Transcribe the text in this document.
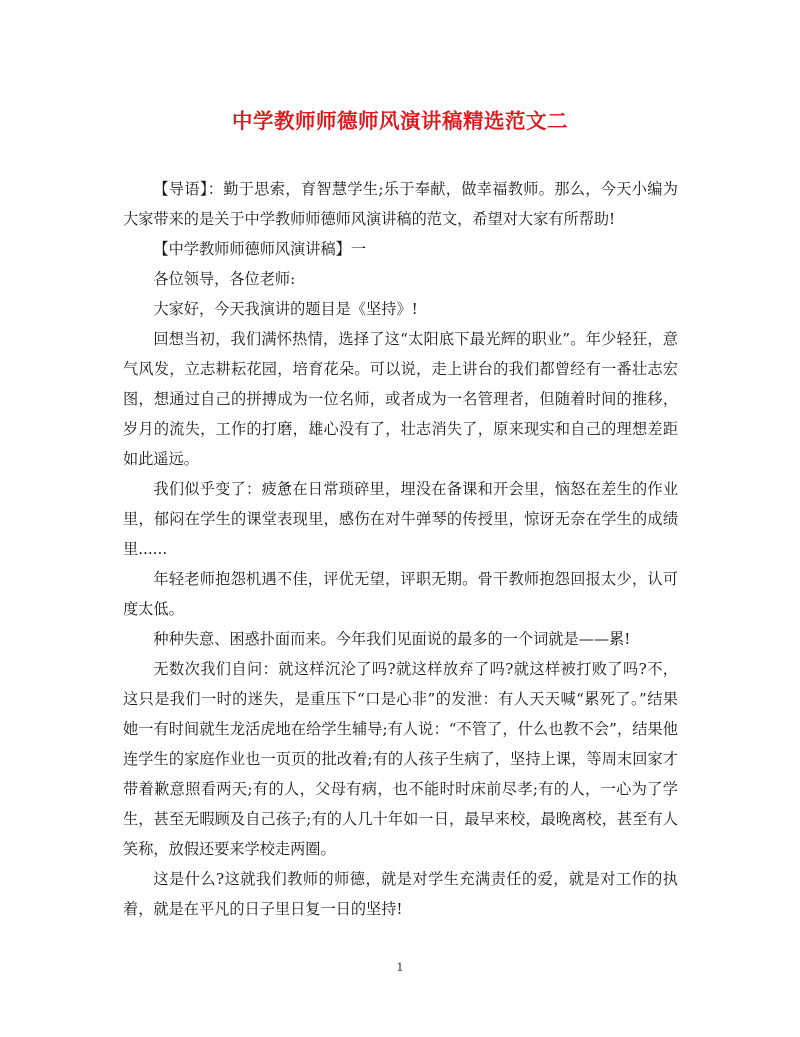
中学教师师德师风演讲稿精选范文二

【导语】：勤于思索，育智慧学生;乐于奉献，做幸福教师。那么，今天小编为大家带来的是关于中学教师师德师风演讲稿的范文，希望对大家有所帮助!

【中学教师师德师风演讲稿】一

各位领导，各位老师:

大家好，今天我演讲的题目是《坚持》!

回想当初，我们满怀热情，选择了这“太阳底下最光辉的职业”。年少轻狂，意气风发，立志耕耘花园，培育花朵。可以说，走上讲台的我们都曾经有一番壮志宏图，想通过自己的拼搏成为一位名师，或者成为一名管理者，但随着时间的推移，岁月的流失，工作的打磨，雄心没有了，壮志消失了，原来现实和自己的理想差距如此遥远。

我们似乎变了：疲惫在日常琐碎里，埋没在备课和开会里，恼怒在差生的作业里，郁闷在学生的课堂表现里，感伤在对牛弹琴的传授里，惊讶无奈在学生的成绩里......

年轻老师抱怨机遇不佳，评优无望，评职无期。骨干教师抱怨回报太少，认可度太低。

种种失意、困惑扑面而来。今年我们见面说的最多的一个词就是——累!

无数次我们自问：就这样沉沦了吗?就这样放弃了吗?就这样被打败了吗?不，这只是我们一时的迷失，是重压下“口是心非”的发泄：有人天天喊“累死了。”结果她一有时间就生龙活虎地在给学生辅导;有人说：“不管了，什么也教不会”，结果他连学生的家庭作业也一页页的批改着;有的人孩子生病了，坚持上课，等周末回家才带着歉意照看两天;有的人，父母有病，也不能时时床前尽孝;有的人，一心为了学生，甚至无暇顾及自己孩子;有的人几十年如一日，最早来校，最晚离校，甚至有人笑称，放假还要来学校走两圈。

这是什么?这就我们教师的师德，就是对学生充满责任的爱，就是对工作的执着，就是在平凡的日子里日复一日的坚持!

1
